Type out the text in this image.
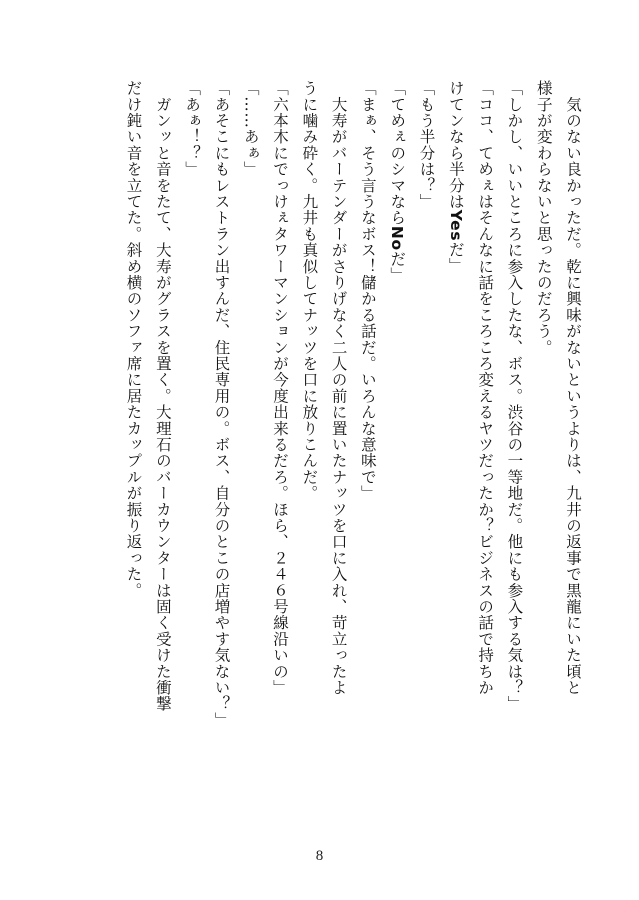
　気のない良かっただ。乾に興味がないというよりは、九井の返事で黒龍にいた頃と
様子が変わらないと思ったのだろう。
「しかし、いいところに参入したな、ボス。渋谷の一等地だ。他にも参入する気は？」
「ココ、てめぇはそんなに話をころころ変えるヤツだったか？ビジネスの話で持ちか
けてンなら半分はYesだ」
「もう半分は？」
「てめぇのシマならNoだ」
「まぁ、そう言うなボス！儲かる話だ。いろんな意味で」
　大寿がバーテンダーがさりげなく二人の前に置いたナッツを口に入れ、苛立ったよ
うに噛み砕く。九井も真似してナッツを口に放りこんだ。
「六本木にでっけぇタワーマンションが今度出来るだろ。ほら、２４６号線沿いの」
「……あぁ」
「あそこにもレストラン出すんだ、住民専用の。ボス、自分のとこの店増やす気ない？」
「あぁ！？」
　ガンッと音をたて、大寿がグラスを置く。大理石のバーカウンターは固く受けた衝撃
だけ鈍い音を立てた。斜め横のソファ席に居たカップルが振り返った。
8
